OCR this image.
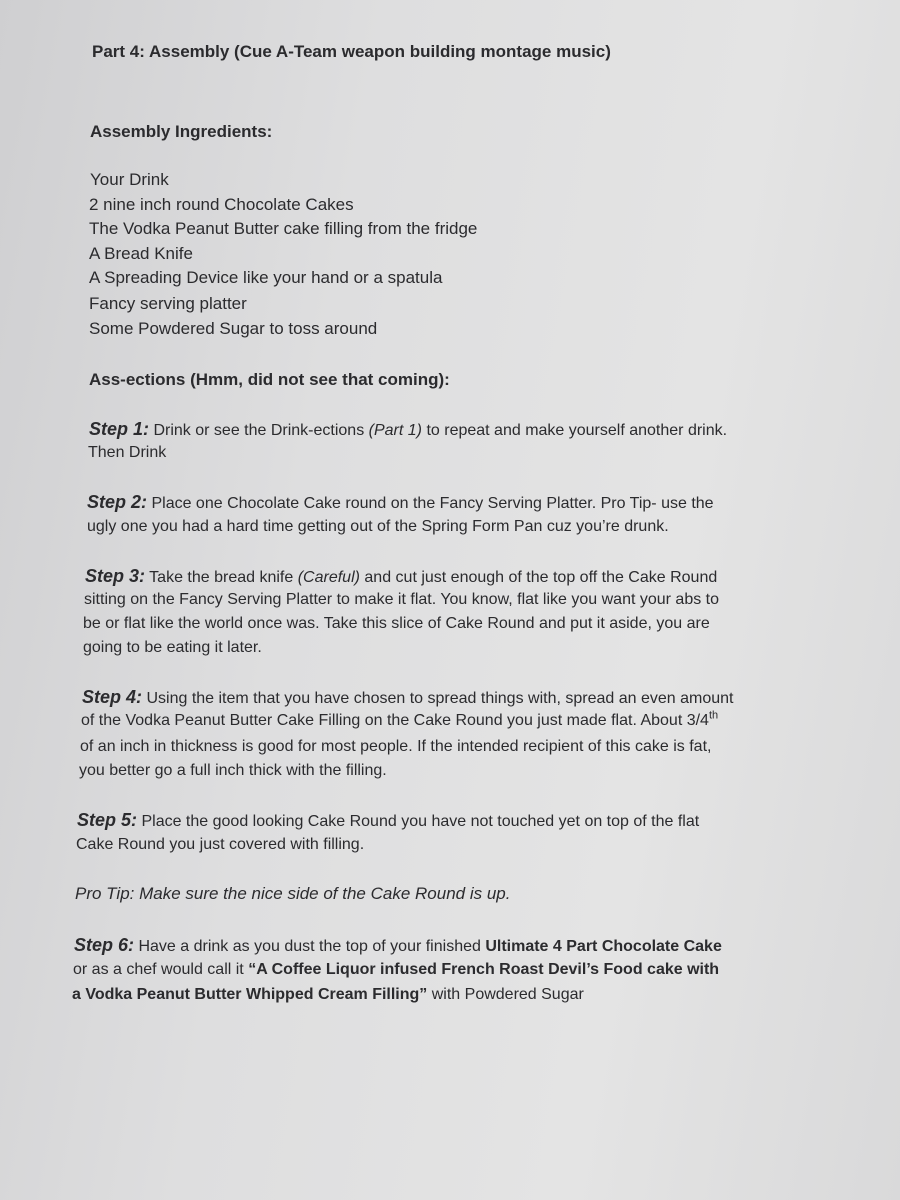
Part 4: Assembly (Cue A-Team weapon building montage music)
Assembly Ingredients:
Your Drink
2 nine inch round Chocolate Cakes
The Vodka Peanut Butter cake filling from the fridge
A Bread Knife
A Spreading Device like your hand or a spatula
Fancy serving platter
Some Powdered Sugar to toss around
Ass-ections (Hmm, did not see that coming):
Step 1: Drink or see the Drink-ections (Part 1) to repeat and make yourself another drink.
Then Drink
Step 2: Place one Chocolate Cake round on the Fancy Serving Platter. Pro Tip- use the
ugly one you had a hard time getting out of the Spring Form Pan cuz you’re drunk.
Step 3: Take the bread knife (Careful) and cut just enough of the top off the Cake Round
sitting on the Fancy Serving Platter to make it flat. You know, flat like you want your abs to
be or flat like the world once was. Take this slice of Cake Round and put it aside, you are
going to be eating it later.
Step 4: Using the item that you have chosen to spread things with, spread an even amount
of the Vodka Peanut Butter Cake Filling on the Cake Round you just made flat. About 3/4th
of an inch in thickness is good for most people. If the intended recipient of this cake is fat,
you better go a full inch thick with the filling.
Step 5: Place the good looking Cake Round you have not touched yet on top of the flat
Cake Round you just covered with filling.
Pro Tip: Make sure the nice side of the Cake Round is up.
Step 6: Have a drink as you dust the top of your finished Ultimate 4 Part Chocolate Cake
or as a chef would call it “A Coffee Liquor infused French Roast Devil’s Food cake with
a Vodka Peanut Butter Whipped Cream Filling” with Powdered Sugar
